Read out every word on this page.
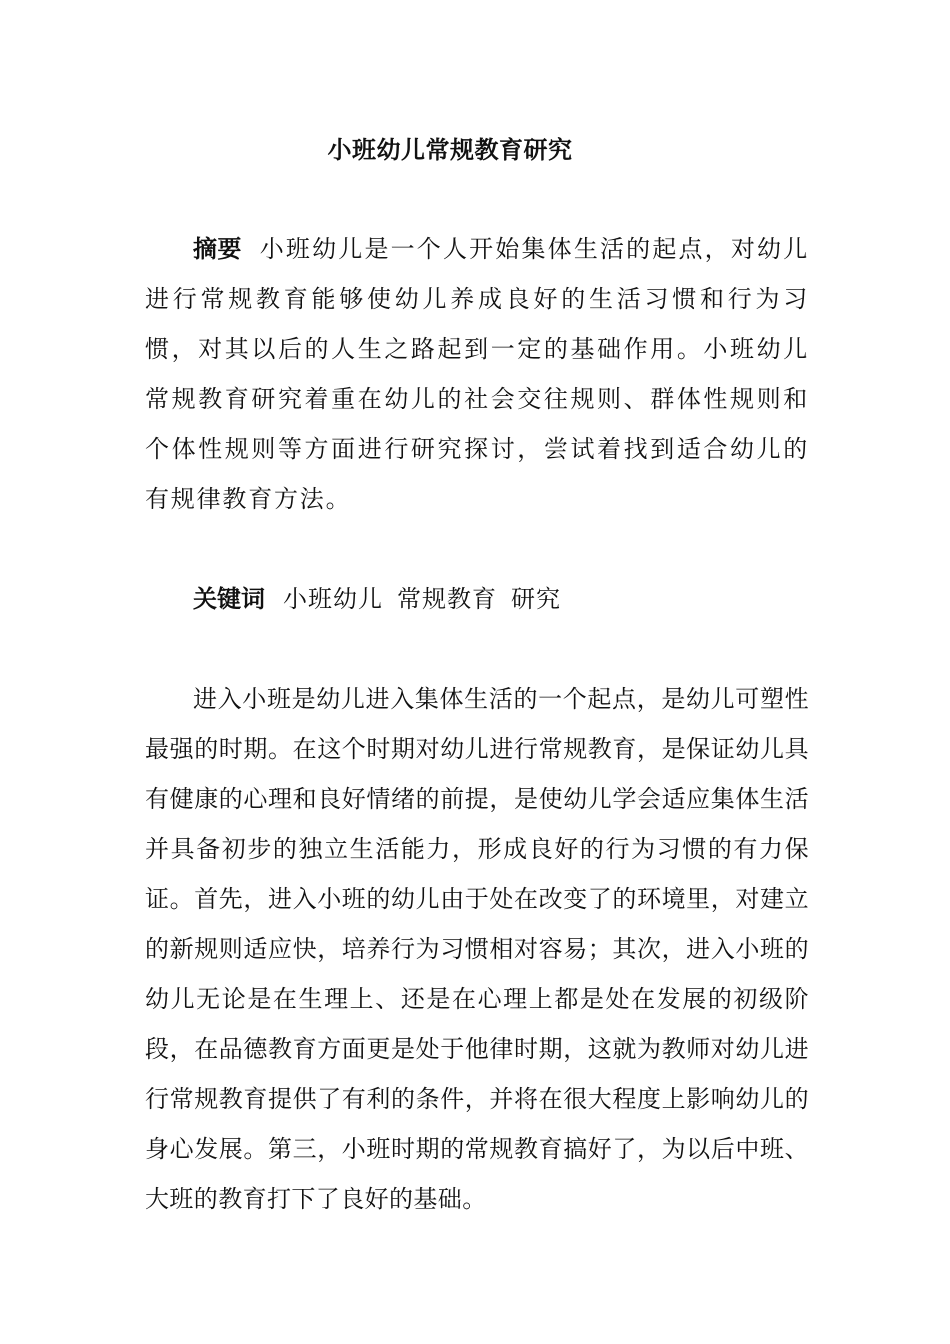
小班幼儿常规教育研究
摘要 小班幼儿是一个人开始集体生活的起点，对幼儿进行常规教育能够使幼儿养成良好的生活习惯和行为习惯，对其以后的人生之路起到一定的基础作用。小班幼儿常规教育研究着重在幼儿的社会交往规则、群体性规则和个体性规则等方面进行研究探讨，尝试着找到适合幼儿的有规律教育方法。
关键词 小班幼儿 常规教育 研究
进入小班是幼儿进入集体生活的一个起点，是幼儿可塑性最强的时期。在这个时期对幼儿进行常规教育，是保证幼儿具有健康的心理和良好情绪的前提，是使幼儿学会适应集体生活并具备初步的独立生活能力，形成良好的行为习惯的有力保证。首先，进入小班的幼儿由于处在改变了的环境里，对建立的新规则适应快，培养行为习惯相对容易；其次，进入小班的幼儿无论是在生理上、还是在心理上都是处在发展的初级阶段，在品德教育方面更是处于他律时期，这就为教师对幼儿进行常规教育提供了有利的条件，并将在很大程度上影响幼儿的身心发展。第三，小班时期的常规教育搞好了，为以后中班、大班的教育打下了良好的基础。
